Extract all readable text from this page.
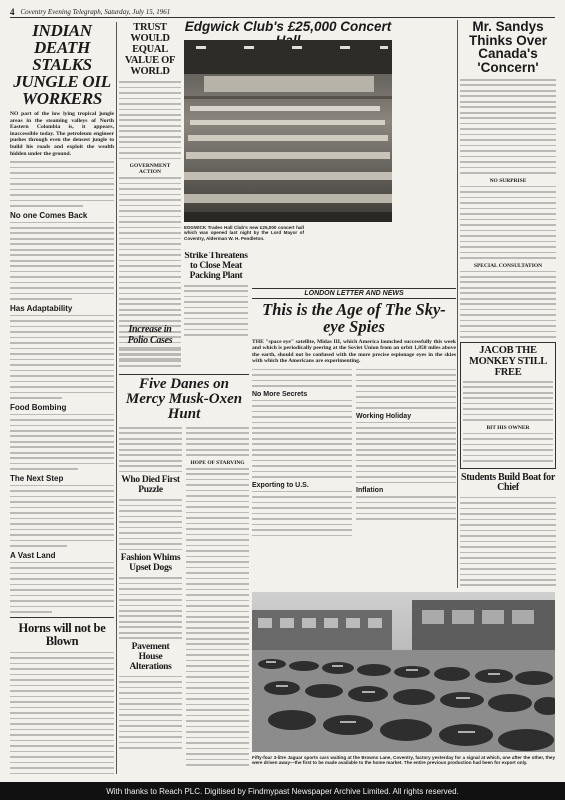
4 Coventry Evening Telegraph, Saturday, July 15, 1961
INDIAN DEATH STALKS JUNGLE OIL WORKERS
NO part of the low lying tropical jungle areas in the steaming valleys of North Eastern Colombia is, it appears, inaccessible today. The petroleum engineer pushes through even the densest jungle to build his roads and exploit the wealth hidden under the ground.
No one Comes Back
Has Adaptability
Food Bombing
The Next Step
A Vast Land
Horns will not be Blown
TRUST WOULD EQUAL VALUE OF WORLD
GOVERNMENT ACTION
Edgwick Club's £25,000 Concert
EDGWICK Trades Hall Club's new £25,000 concert hall which was opened last night by the Lord Mayor of Coventry, Alderman W. H. Pendleton.
Strike Threatens to Close Meat Packing Plant
Increase in Polio Cases
LONDON LETTER AND NEWS
This is the Age of The Sky-eye Spies
THE "space eye" satellite, Midas III, which America launched successfully this week and which is periodically peering at the Soviet Union from an orbit 1,850 miles above the earth, should not be confused with the more precise espionage eyes in the skies with which the Americans are experimenting.
No More Secrets
Exporting to U.S.
Working Holiday
Inflation
Five Danes on Mercy Musk-Oxen Hunt
Who Died First Puzzle
Fashion Whims Upset Dogs
Pavement House Alterations
HOPE OF STARVING
Fifty-four 3-litre Jaguar sports cars waiting at the Browns Lane, Coventry, factory yesterday for a signal at which, one after the other, they were driven away—the first to be made available to the home market. The entire previous production had been for export only.
Mr. Sandys Thinks Over Canada's 'Concern'
NO SURPRISE
SPECIAL CONSULTATION
JACOB THE MONKEY STILL FREE
BIT HIS OWNER
Students Build Boat for Chief
With thanks to Reach PLC. Digitised by Findmypast Newspaper Archive Limited. All rights reserved.
